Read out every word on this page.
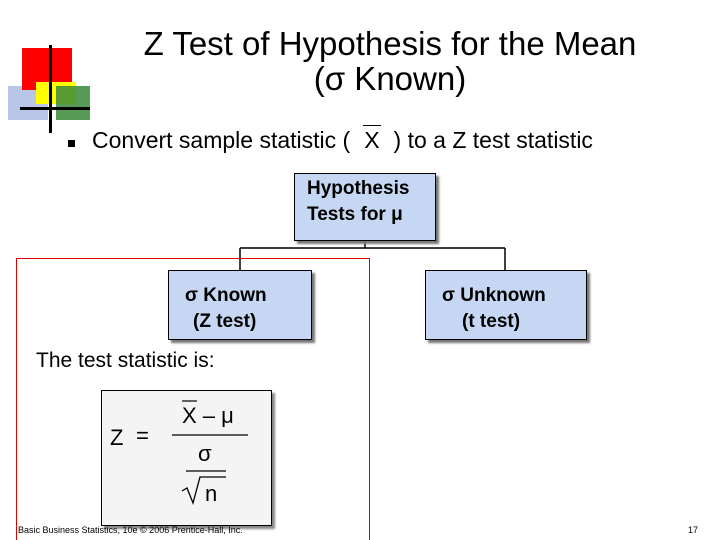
Z Test of Hypothesis for the Mean
(σ Known)
Convert sample statistic ( X ) to a Z test statistic
Hypothesis
Tests for μ
σ Known
(Z test)
σ Unknown
(t test)
The test statistic is:
Z =
X – μ
σ
n
Basic Business Statistics, 10e © 2006 Prentice-Hall, Inc.	17
